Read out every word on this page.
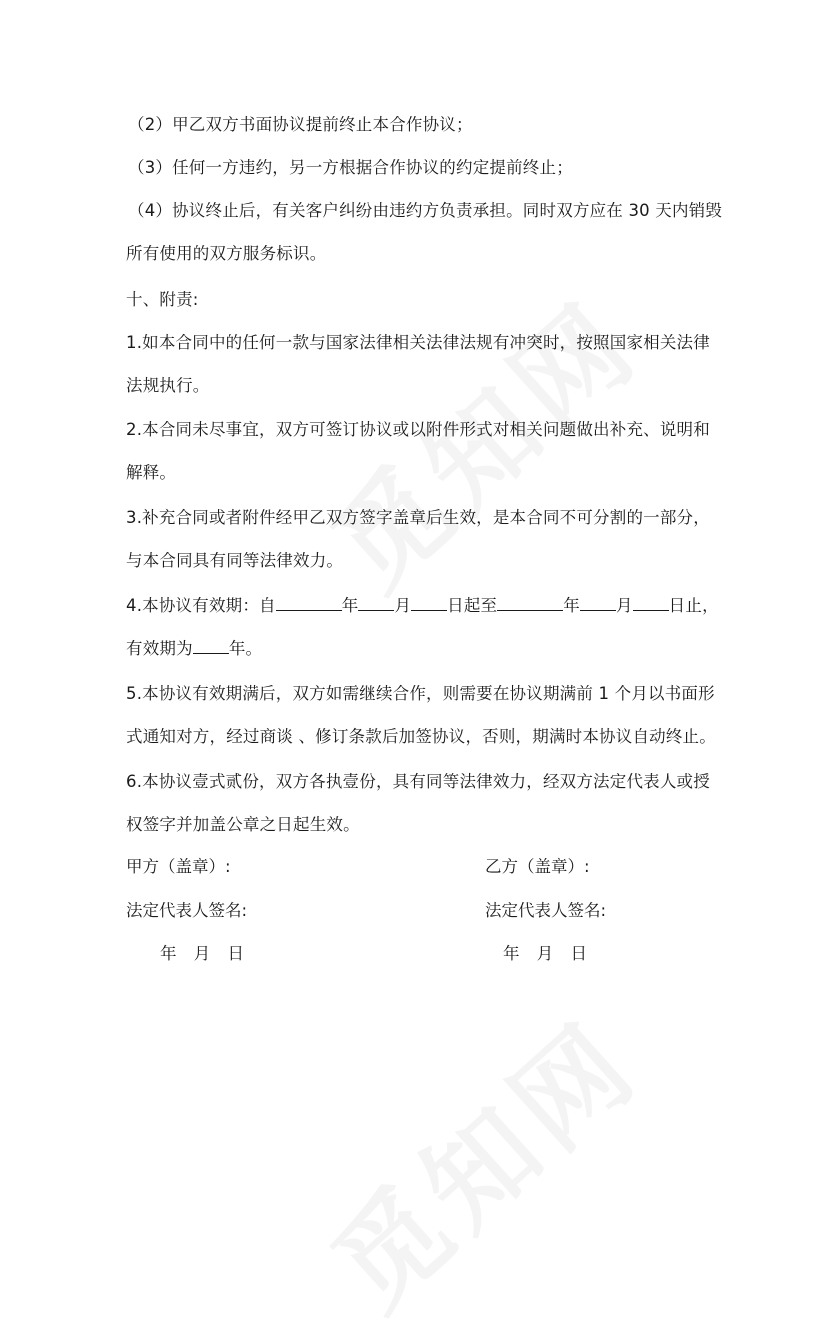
（2）甲乙双方书面协议提前终止本合作协议；

（3）任何一方违约，另一方根据合作协议的约定提前终止；

（4）协议终止后，有关客户纠纷由违约方负责承担。同时双方应在 30 天内销毁

所有使用的双方服务标识。

十、附责:

1.如本合同中的任何一款与国家法律相关法律法规有冲突时，按照国家相关法律

法规执行。

2.本合同未尽事宜，双方可签订协议或以附件形式对相关问题做出补充、说明和

解释。

3.补充合同或者附件经甲乙双方签字盖章后生效，是本合同不可分割的一部分，

与本合同具有同等法律效力。

4.本协议有效期：自	年 月 日起至	年 月 日止，

有效期为 年。

5.本协议有效期满后，双方如需继续合作，则需要在协议期满前 1 个月以书面形

式通知对方，经过商谈 、修订条款后加签协议，否则，期满时本协议自动终止。

6.本协议壹式贰份，双方各执壹份，具有同等法律效力，经双方法定代表人或授

权签字并加盖公章之日起生效。

甲方（盖章）:	乙方（盖章）:
法定代表人签名:	法定代表人签名:
年 月 日	年 月 日
